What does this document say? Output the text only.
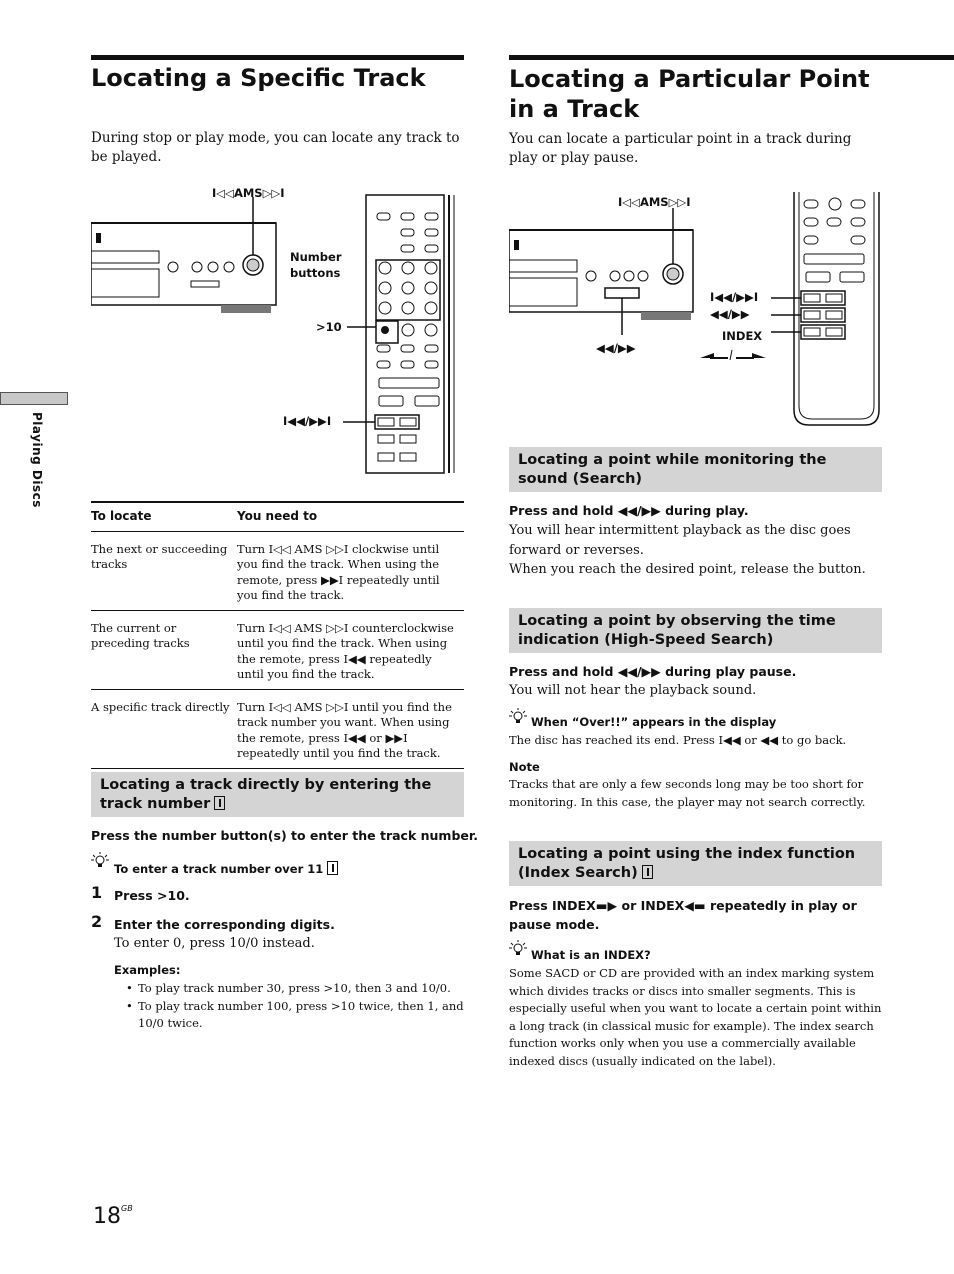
Playing Discs
Locating a Specific Track
During stop or play mode, you can locate any track to be played.
I◁◁AMS▷▷I
Number buttons
>10
I◀◀/▶▶I
To locate	You need to
The next or succeeding tracks	Turn I◁◁ AMS ▷▷I clockwise until you find the track. When using the remote, press ▶▶I repeatedly until you find the track.
The current or preceding tracks	Turn I◁◁ AMS ▷▷I counterclockwise until you find the track. When using the remote, press I◀◀ repeatedly until you find the track.
A specific track directly	Turn I◁◁ AMS ▷▷I until you find the track number you want. When using the remote, press I◀◀ or ▶▶I repeatedly until you find the track.
Locating a track directly by entering the track number
Press the number button(s) to enter the track number.
To enter a track number over 11
1 Press >10.
2 Enter the corresponding digits.
To enter 0, press 10/0 instead.
Examples:
• To play track number 30, press >10, then 3 and 10/0.
• To play track number 100, press >10 twice, then 1, and 10/0 twice.
$18^{GB}$
Locating a Particular Point
in a Track
You can locate a particular point in a track during play or play pause.
I◁◁AMS▷▷I
I◀◀/▶▶I
◀◀/▶▶
INDEX
◀◀/▶▶
Locating a point while monitoring the sound (Search)
Press and hold ◀◀/▶▶ during play.
You will hear intermittent playback as the disc goes forward or reverses.
When you reach the desired point, release the button.
Locating a point by observing the time indication (High-Speed Search)
Press and hold ◀◀/▶▶ during play pause.
You will not hear the playback sound.
When “Over!!” appears in the display
The disc has reached its end. Press I◀◀ or ◀◀ to go back.
Note
Tracks that are only a few seconds long may be too short for monitoring. In this case, the player may not search correctly.
Locating a point using the index function (Index Search)
Press INDEX▬▶ or INDEX◀▬ repeatedly in play or pause mode.
What is an INDEX?
Some SACD or CD are provided with an index marking system which divides tracks or discs into smaller segments. This is especially useful when you want to locate a certain point within a long track (in classical music for example). The index search function works only when you use a commercially available indexed discs (usually indicated on the label).
